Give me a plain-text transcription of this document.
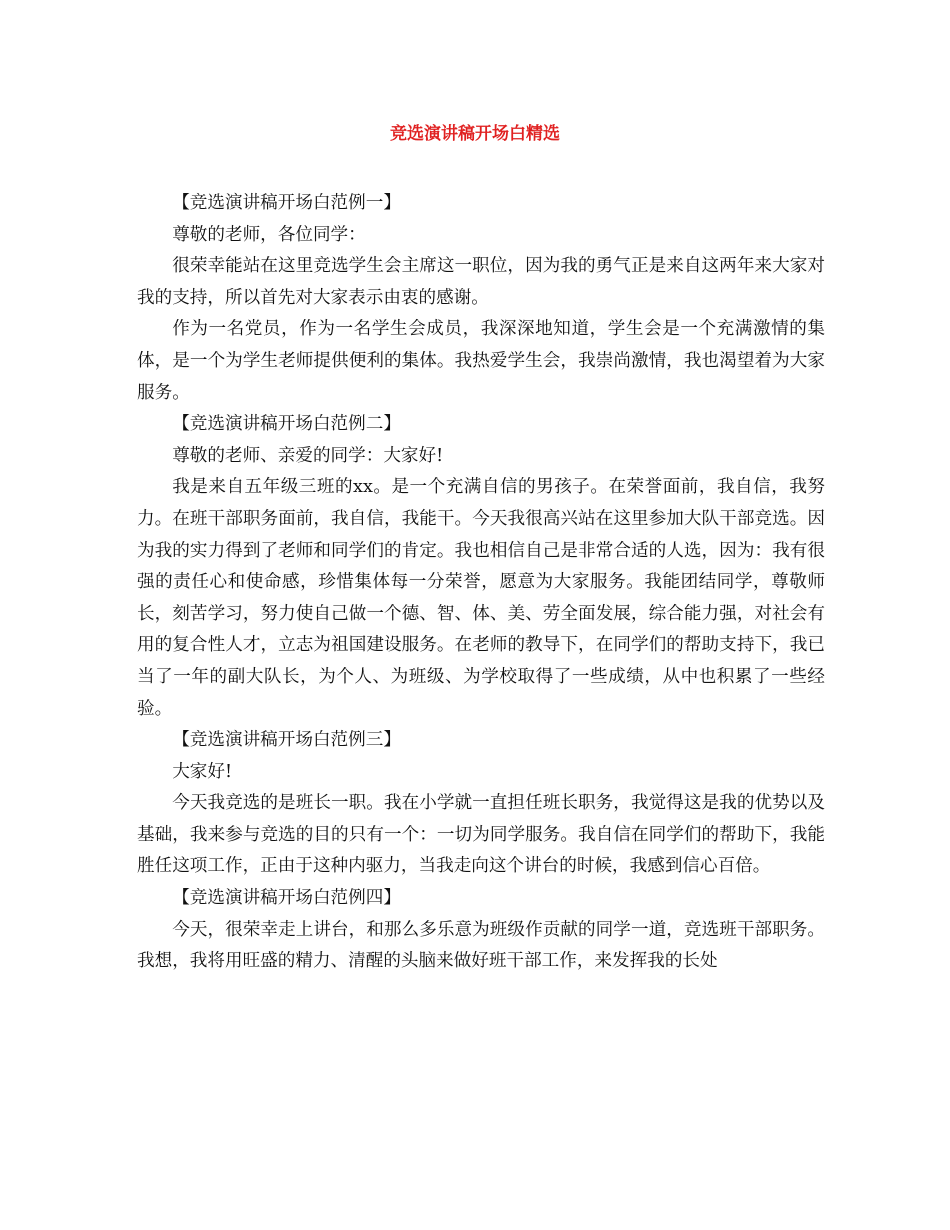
竞选演讲稿开场白精选

【竞选演讲稿开场白范例一】

尊敬的老师，各位同学：

很荣幸能站在这里竞选学生会主席这一职位，因为我的勇气正是来自这两年来大家对我的支持，所以首先对大家表示由衷的感谢。

作为一名党员，作为一名学生会成员，我深深地知道，学生会是一个充满激情的集体，是一个为学生老师提供便利的集体。我热爱学生会，我崇尚激情，我也渴望着为大家服务。

【竞选演讲稿开场白范例二】

尊敬的老师、亲爱的同学：大家好!

我是来自五年级三班的xx。是一个充满自信的男孩子。在荣誉面前，我自信，我努力。在班干部职务面前，我自信，我能干。今天我很高兴站在这里参加大队干部竞选。因为我的实力得到了老师和同学们的肯定。我也相信自己是非常合适的人选，因为：我有很强的责任心和使命感，珍惜集体每一分荣誉，愿意为大家服务。我能团结同学，尊敬师长，刻苦学习，努力使自己做一个德、智、体、美、劳全面发展，综合能力强，对社会有用的复合性人才，立志为祖国建设服务。在老师的教导下，在同学们的帮助支持下，我已当了一年的副大队长，为个人、为班级、为学校取得了一些成绩，从中也积累了一些经验。

【竞选演讲稿开场白范例三】

大家好!

今天我竞选的是班长一职。我在小学就一直担任班长职务，我觉得这是我的优势以及基础，我来参与竞选的目的只有一个：一切为同学服务。我自信在同学们的帮助下，我能胜任这项工作，正由于这种内驱力，当我走向这个讲台的时候，我感到信心百倍。

【竞选演讲稿开场白范例四】

今天，很荣幸走上讲台，和那么多乐意为班级作贡献的同学一道，竞选班干部职务。我想，我将用旺盛的精力、清醒的头脑来做好班干部工作，来发挥我的长处
